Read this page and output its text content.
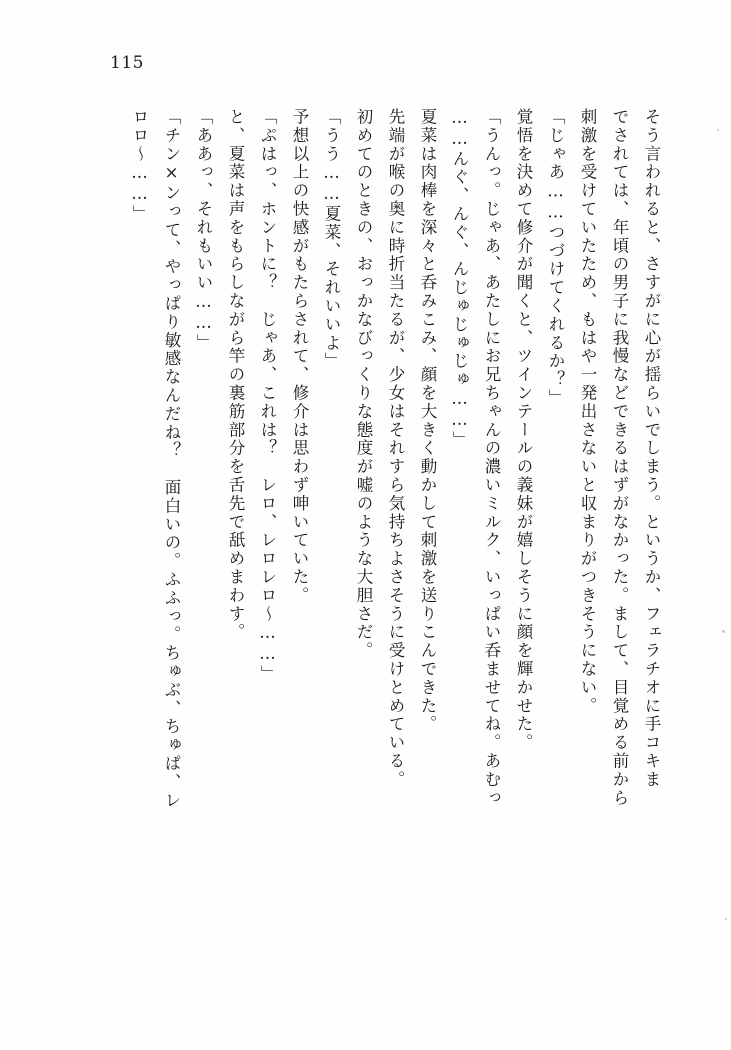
115
そう言われると、さすがに心が揺らいでしまう。というか、フェラチオに手コキま
でされては、年頃の男子に我慢などできるはずがなかった。まして、目覚める前から
刺激を受けていたため、もはや一発出さないと収まりがつきそうにない。
「じゃあ……つづけてくれるか？」
覚悟を決めて修介が聞くと、ツインテールの義妹が嬉しそうに顔を輝かせた。
「うんっ。じゃあ、あたしにお兄ちゃんの濃いミルク、いっぱい呑ませてね。あむっ
……んぐ、んぐ、んじゅじゅじゅ……」
夏菜は肉棒を深々と呑みこみ、顔を大きく動かして刺激を送りこんできた。
先端が喉の奥に時折当たるが、少女はそれすら気持ちよさそうに受けとめている。
初めてのときの、おっかなびっくりな態度が嘘のような大胆さだ。
「うう……夏菜、それいいよ」
予想以上の快感がもたらされて、修介は思わず呻いていた。
「ぷはっ、ホントに？　じゃあ、これは？　レロ、レロレロ～……」
と、夏菜は声をもらしながら竿の裏筋部分を舌先で舐めまわす。
「ああっ、それもいい……」
「チン×ンって、やっぱり敏感なんだね？　面白いの。ふふっ。ちゅぶ、ちゅぱ、レ
ロロ～……」
